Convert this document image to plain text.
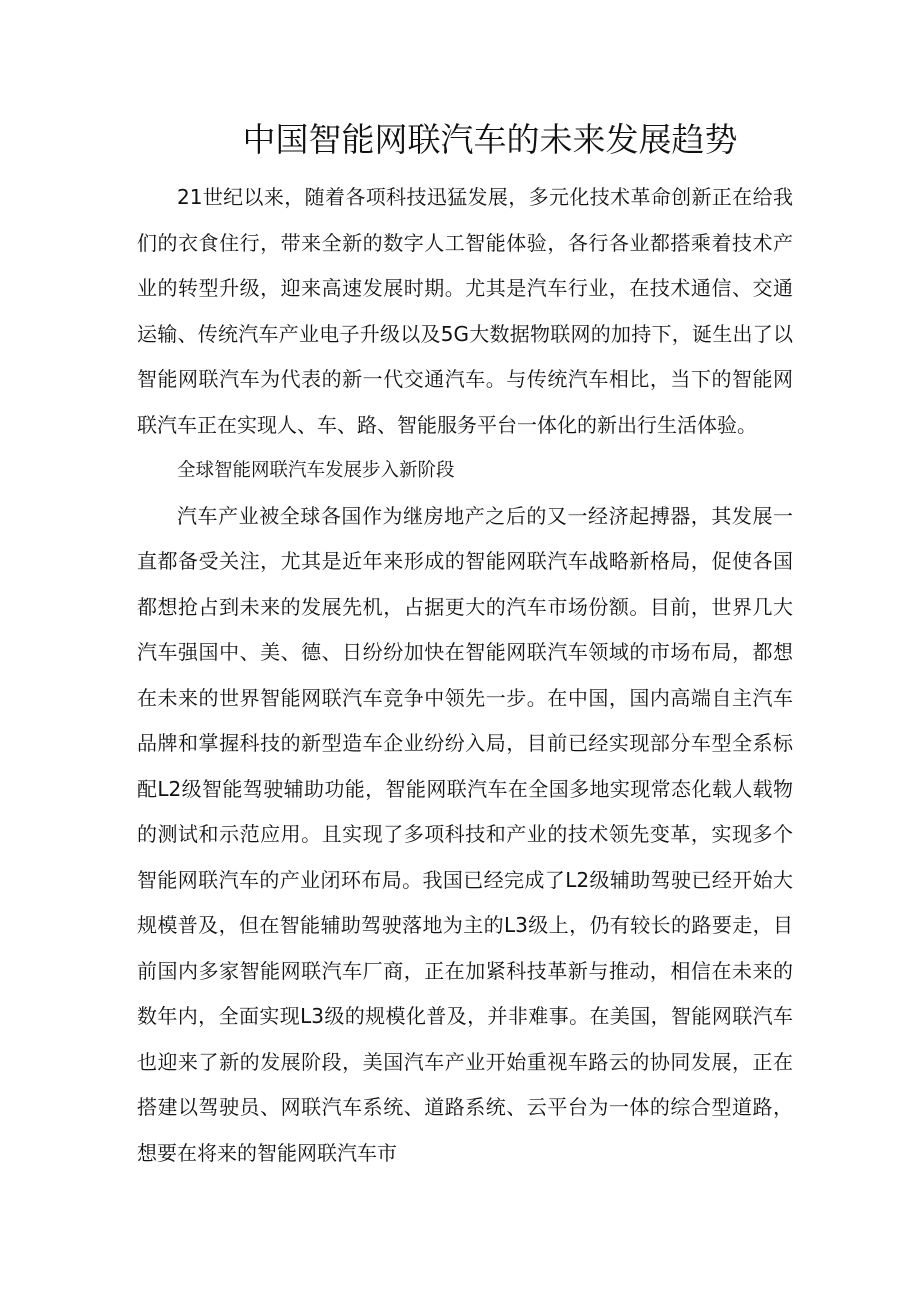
中国智能网联汽车的未来发展趋势

21世纪以来，随着各项科技迅猛发展，多元化技术革命创新正在给我们的衣食住行，带来全新的数字人工智能体验，各行各业都搭乘着技术产业的转型升级，迎来高速发展时期。尤其是汽车行业，在技术通信、交通运输、传统汽车产业电子升级以及5G大数据物联网的加持下，诞生出了以智能网联汽车为代表的新一代交通汽车。与传统汽车相比，当下的智能网联汽车正在实现人、车、路、智能服务平台一体化的新出行生活体验。

全球智能网联汽车发展步入新阶段

汽车产业被全球各国作为继房地产之后的又一经济起搏器，其发展一直都备受关注，尤其是近年来形成的智能网联汽车战略新格局，促使各国都想抢占到未来的发展先机，占据更大的汽车市场份额。目前，世界几大汽车强国中、美、德、日纷纷加快在智能网联汽车领域的市场布局，都想在未来的世界智能网联汽车竞争中领先一步。在中国，国内高端自主汽车品牌和掌握科技的新型造车企业纷纷入局，目前已经实现部分车型全系标配L2级智能驾驶辅助功能，智能网联汽车在全国多地实现常态化载人载物的测试和示范应用。且实现了多项科技和产业的技术领先变革，实现多个智能网联汽车的产业闭环布局。我国已经完成了L2级辅助驾驶已经开始大规模普及，但在智能辅助驾驶落地为主的L3级上，仍有较长的路要走，目前国内多家智能网联汽车厂商，正在加紧科技革新与推动，相信在未来的数年内，全面实现L3级的规模化普及，并非难事。在美国，智能网联汽车也迎来了新的发展阶段，美国汽车产业开始重视车路云的协同发展，正在搭建以驾驶员、网联汽车系统、道路系统、云平台为一体的综合型道路，想要在将来的智能网联汽车市
